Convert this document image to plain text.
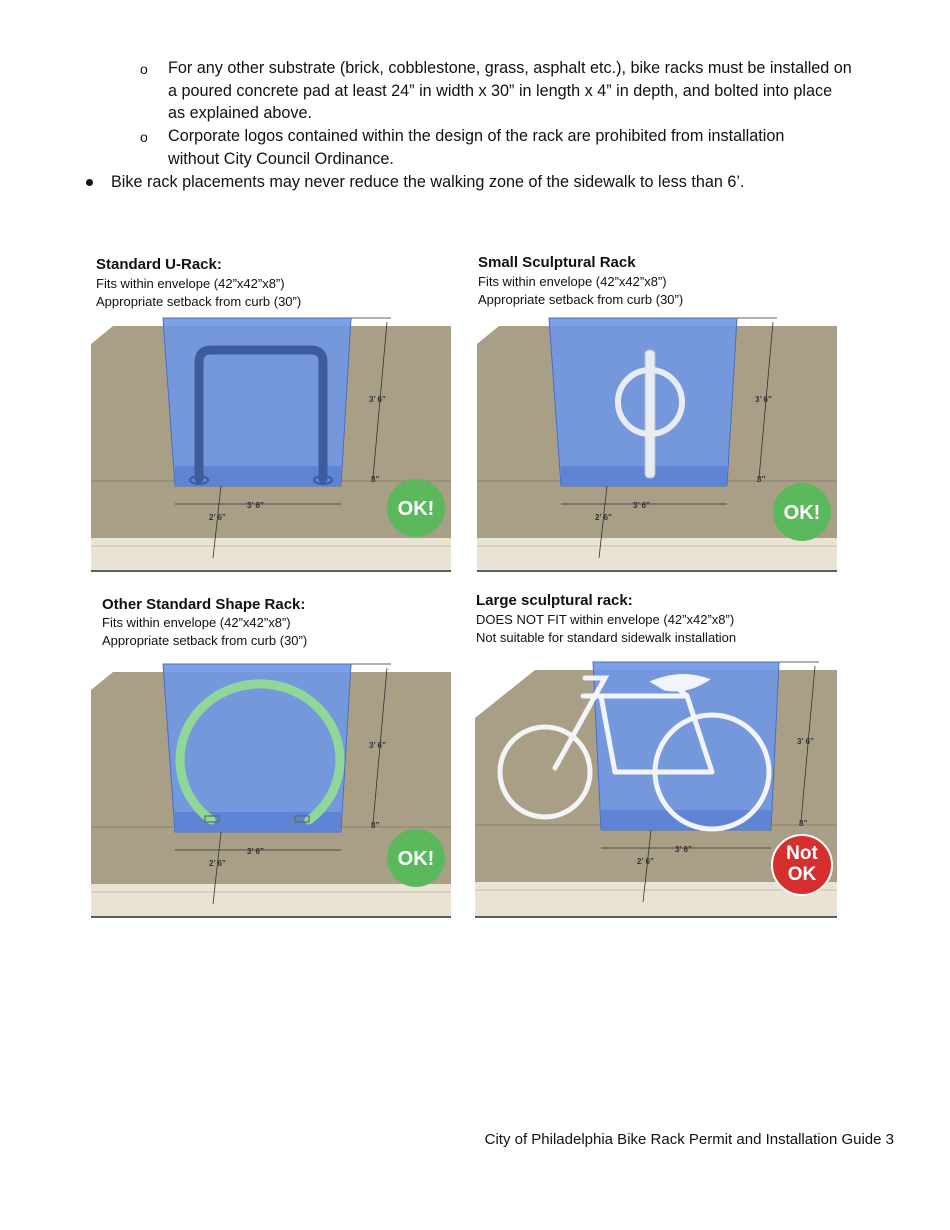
o For any other substrate (brick, cobblestone, grass, asphalt etc.), bike racks must be installed on
a poured concrete pad at least 24” in width x 30” in length x 4” in depth, and bolted into place
as explained above.
o Corporate logos contained within the design of the rack are prohibited from installation
without City Council Ordinance.
Bike rack placements may never reduce the walking zone of the sidewalk to less than 6’.
Standard U-Rack:
Fits within envelope (42”x42”x8”)
Appropriate setback from curb (30”)
3’ 6”
8”
3’ 6”
2’ 6”	OK!
Small Sculptural Rack
Fits within envelope (42”x42”x8”)
Appropriate setback from curb (30”)
3’ 6”
8”
3’ 6”
2’ 6”	OK!
Other Standard Shape Rack:
Fits within envelope (42”x42”x8”)
Appropriate setback from curb (30”)
3’ 6”
8”
3’ 6”
2’ 6”	OK!
Large sculptural rack:
DOES NOT FIT within envelope (42”x42”x8”)
Not suitable for standard sidewalk installation
3’ 6”
8”
3’ 6”
2’ 6”	Not
OK
City of Philadelphia Bike Rack Permit and Installation Guide 3
